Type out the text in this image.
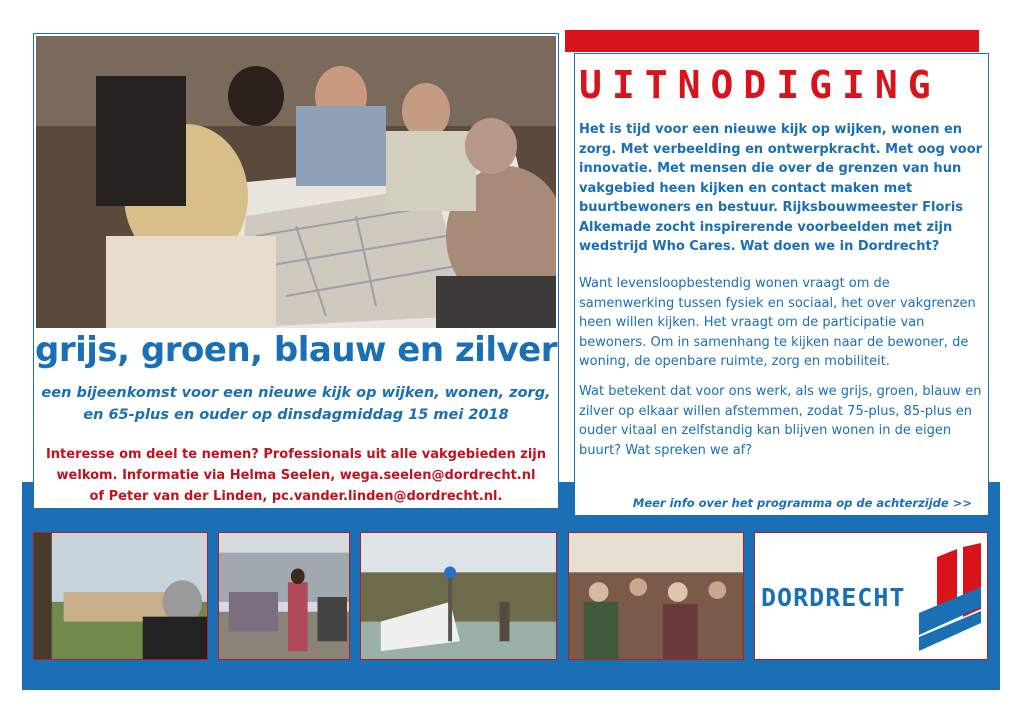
grijs, groen, blauw en zilver
een bijeenkomst voor een nieuwe kijk op wijken, wonen, zorg,
en 65-plus en ouder op dinsdagmiddag 15 mei 2018
Interesse om deel te nemen? Professionals uit alle vakgebieden zijn
welkom. Informatie via Helma Seelen, wega.seelen@dordrecht.nl
of Peter van der Linden, pc.vander.linden@dordrecht.nl.
UITNODIGING
Het is tijd voor een nieuwe kijk op wijken, wonen en zorg. Met verbeelding en ontwerpkracht. Met oog voor innovatie. Met mensen die over de grenzen van hun vakgebied heen kijken en contact maken met buurtbewoners en bestuur. Rijksbouwmeester Floris Alkemade zocht inspirerende voorbeelden met zijn wedstrijd Who Cares. Wat doen we in Dordrecht?
Want levensloopbestendig wonen vraagt om de samenwerking tussen fysiek en sociaal, het over vakgrenzen heen willen kijken. Het vraagt om de participatie van bewoners. Om in samenhang te kijken naar de bewoner, de woning, de openbare ruimte, zorg en mobiliteit.
Wat betekent dat voor ons werk, als we grijs, groen, blauw en zilver op elkaar willen afstemmen, zodat 75-plus, 85-plus en ouder vitaal en zelfstandig kan blijven wonen in de eigen buurt? Wat spreken we af?
Meer info over het programma op de achterzijde >>
DORDRECHT
